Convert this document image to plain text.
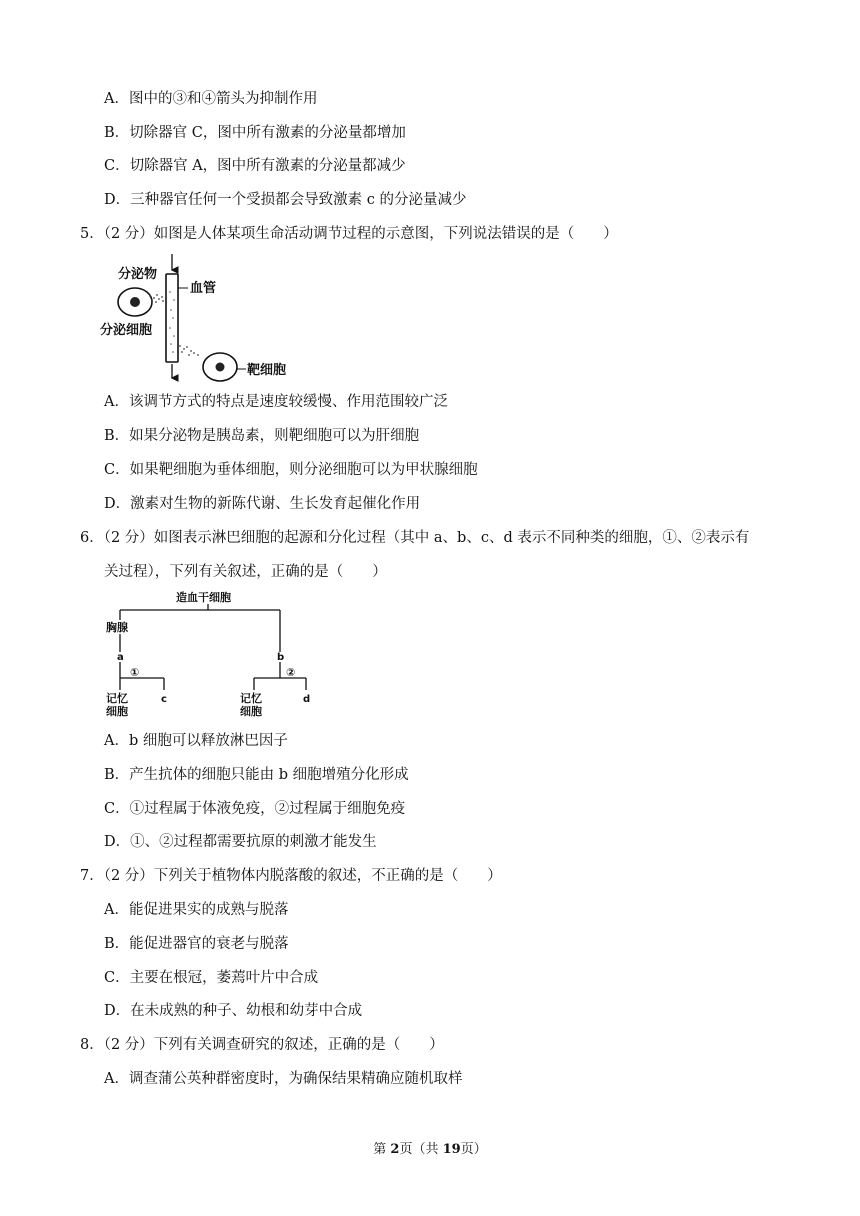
A．图中的③和④箭头为抑制作用
B．切除器官 C，图中所有激素的分泌量都增加
C．切除器官 A，图中所有激素的分泌量都减少
D．三种器官任何一个受损都会导致激素 c 的分泌量减少
5．（2 分）如图是人体某项生命活动调节过程的示意图，下列说法错误的是（　　）
分泌物
血管
分泌细胞
靶细胞
A．该调节方式的特点是速度较缓慢、作用范围较广泛
B．如果分泌物是胰岛素，则靶细胞可以为肝细胞
C．如果靶细胞为垂体细胞，则分泌细胞可以为甲状腺细胞
D．激素对生物的新陈代谢、生长发育起催化作用
6．（2 分）如图表示淋巴细胞的起源和分化过程（其中 a、b、c、d 表示不同种类的细胞，①、②表示有
关过程），下列有关叙述，正确的是（　　）
造血干细胞
胸腺
a	b
①	②
记忆
细胞
c	记忆
细胞
d
A．b 细胞可以释放淋巴因子
B．产生抗体的细胞只能由 b 细胞增殖分化形成
C．①过程属于体液免疫，②过程属于细胞免疫
D．①、②过程都需要抗原的刺激才能发生
7．（2 分）下列关于植物体内脱落酸的叙述，不正确的是（　　）
A．能促进果实的成熟与脱落
B．能促进器官的衰老与脱落
C．主要在根冠，萎蔫叶片中合成
D．在未成熟的种子、幼根和幼芽中合成
8．（2 分）下列有关调查研究的叙述，正确的是（　　）
A．调查蒲公英种群密度时，为确保结果精确应随机取样
第 2页（共 19页）
